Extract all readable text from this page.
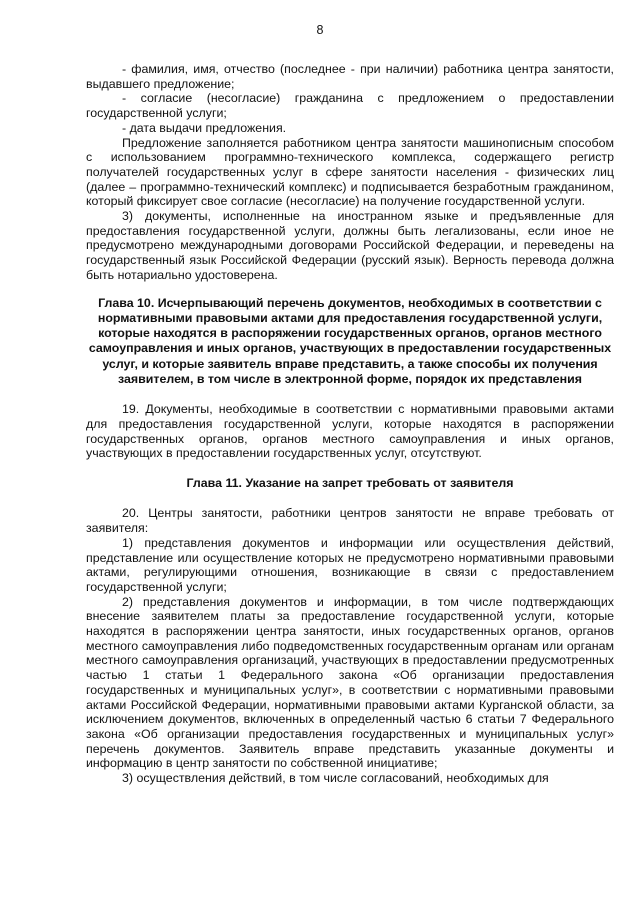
8

- фамилия, имя, отчество (последнее - при наличии) работника центра занятости, выдавшего предложение;

- согласие (несогласие) гражданина с предложением о предоставлении государственной услуги;

- дата выдачи предложения.

Предложение заполняется работником центра занятости машинописным способом с использованием программно-технического комплекса, содержащего регистр получателей государственных услуг в сфере занятости населения - физических лиц (далее – программно-технический комплекс) и подписывается безработным гражданином, который фиксирует свое согласие (несогласие) на получение государственной услуги.

3) документы, исполненные на иностранном языке и предъявленные для предоставления государственной услуги, должны быть легализованы, если иное не предусмотрено международными договорами Российской Федерации, и переведены на государственный язык Российской Федерации (русский язык). Верность перевода должна быть нотариально удостоверена.

Глава 10. Исчерпывающий перечень документов, необходимых в соответствии с нормативными правовыми актами для предоставления государственной услуги, которые находятся в распоряжении государственных органов, органов местного самоуправления и иных органов, участвующих в предоставлении государственных услуг, и которые заявитель вправе представить, а также способы их получения заявителем, в том числе в электронной форме, порядок их представления

19. Документы, необходимые в соответствии с нормативными правовыми актами для предоставления государственной услуги, которые находятся в распоряжении государственных органов, органов местного самоуправления и иных органов, участвующих в предоставлении государственных услуг, отсутствуют.

Глава 11. Указание на запрет требовать от заявителя

20. Центры занятости, работники центров занятости не вправе требовать от заявителя:

1) представления документов и информации или осуществления действий, представление или осуществление которых не предусмотрено нормативными правовыми актами, регулирующими отношения, возникающие в связи с предоставлением государственной услуги;

2) представления документов и информации, в том числе подтверждающих внесение заявителем платы за предоставление государственной услуги, которые находятся в распоряжении центра занятости, иных государственных органов, органов местного самоуправления либо подведомственных государственным органам или органам местного самоуправления организаций, участвующих в предоставлении предусмотренных частью 1 статьи 1 Федерального закона «Об организации предоставления государственных и муниципальных услуг», в соответствии с нормативными правовыми актами Российской Федерации, нормативными правовыми актами Курганской области, за исключением документов, включенных в определенный частью 6 статьи 7 Федерального закона «Об организации предоставления государственных и муниципальных услуг» перечень документов. Заявитель вправе представить указанные документы и информацию в центр занятости по собственной инициативе;

3) осуществления действий, в том числе согласований, необходимых для
